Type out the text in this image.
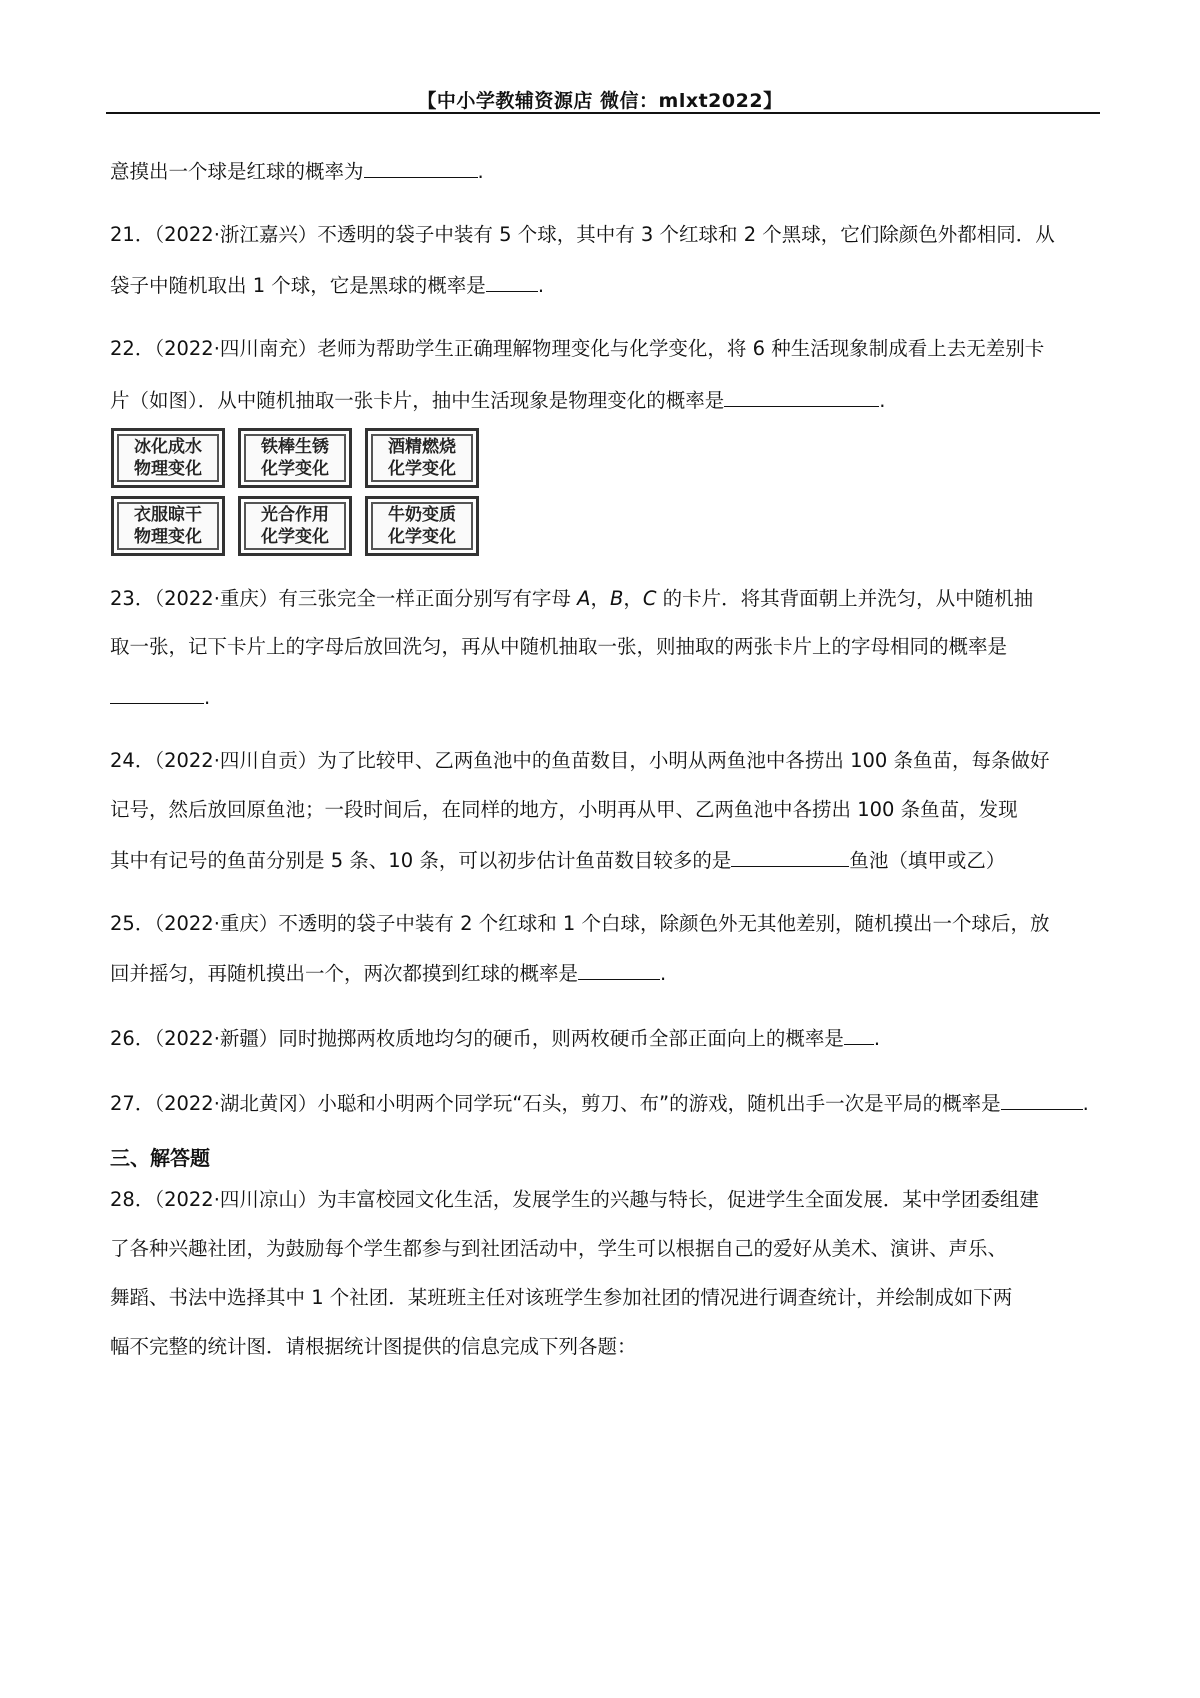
【中小学教辅资源店 微信：mlxt2022】
意摸出一个球是红球的概率为	.
21．（2022·浙江嘉兴）不透明的袋子中装有 5 个球，其中有 3 个红球和 2 个黑球，它们除颜色外都相同．从
袋子中随机取出 1 个球，它是黑球的概率是	.
22．（2022·四川南充）老师为帮助学生正确理解物理变化与化学变化，将 6 种生活现象制成看上去无差别卡
片（如图）．从中随机抽取一张卡片，抽中生活现象是物理变化的概率是	.
冰化成水
物理变化
铁棒生锈
化学变化
酒精燃烧
化学变化
衣服晾干
物理变化
光合作用
化学变化
牛奶变质
化学变化
23．（2022·重庆）有三张完全一样正面分别写有字母 A，B，C 的卡片．将其背面朝上并洗匀，从中随机抽
取一张，记下卡片上的字母后放回洗匀，再从中随机抽取一张，则抽取的两张卡片上的字母相同的概率是
.
24．（2022·四川自贡）为了比较甲、乙两鱼池中的鱼苗数目，小明从两鱼池中各捞出 100 条鱼苗，每条做好
记号，然后放回原鱼池；一段时间后，在同样的地方，小明再从甲、乙两鱼池中各捞出 100 条鱼苗，发现
其中有记号的鱼苗分别是 5 条、10 条，可以初步估计鱼苗数目较多的是	鱼池（填甲或乙）
25．（2022·重庆）不透明的袋子中装有 2 个红球和 1 个白球，除颜色外无其他差别，随机摸出一个球后，放
回并摇匀，再随机摸出一个，两次都摸到红球的概率是	.
26．（2022·新疆）同时抛掷两枚质地均匀的硬币，则两枚硬币全部正面向上的概率是 .
27．（2022·湖北黄冈）小聪和小明两个同学玩“石头，剪刀、布”的游戏，随机出手一次是平局的概率是	.
三、解答题
28．（2022·四川凉山）为丰富校园文化生活，发展学生的兴趣与特长，促进学生全面发展．某中学团委组建
了各种兴趣社团，为鼓励每个学生都参与到社团活动中，学生可以根据自己的爱好从美术、演讲、声乐、
舞蹈、书法中选择其中 1 个社团．某班班主任对该班学生参加社团的情况进行调查统计，并绘制成如下两
幅不完整的统计图．请根据统计图提供的信息完成下列各题：
